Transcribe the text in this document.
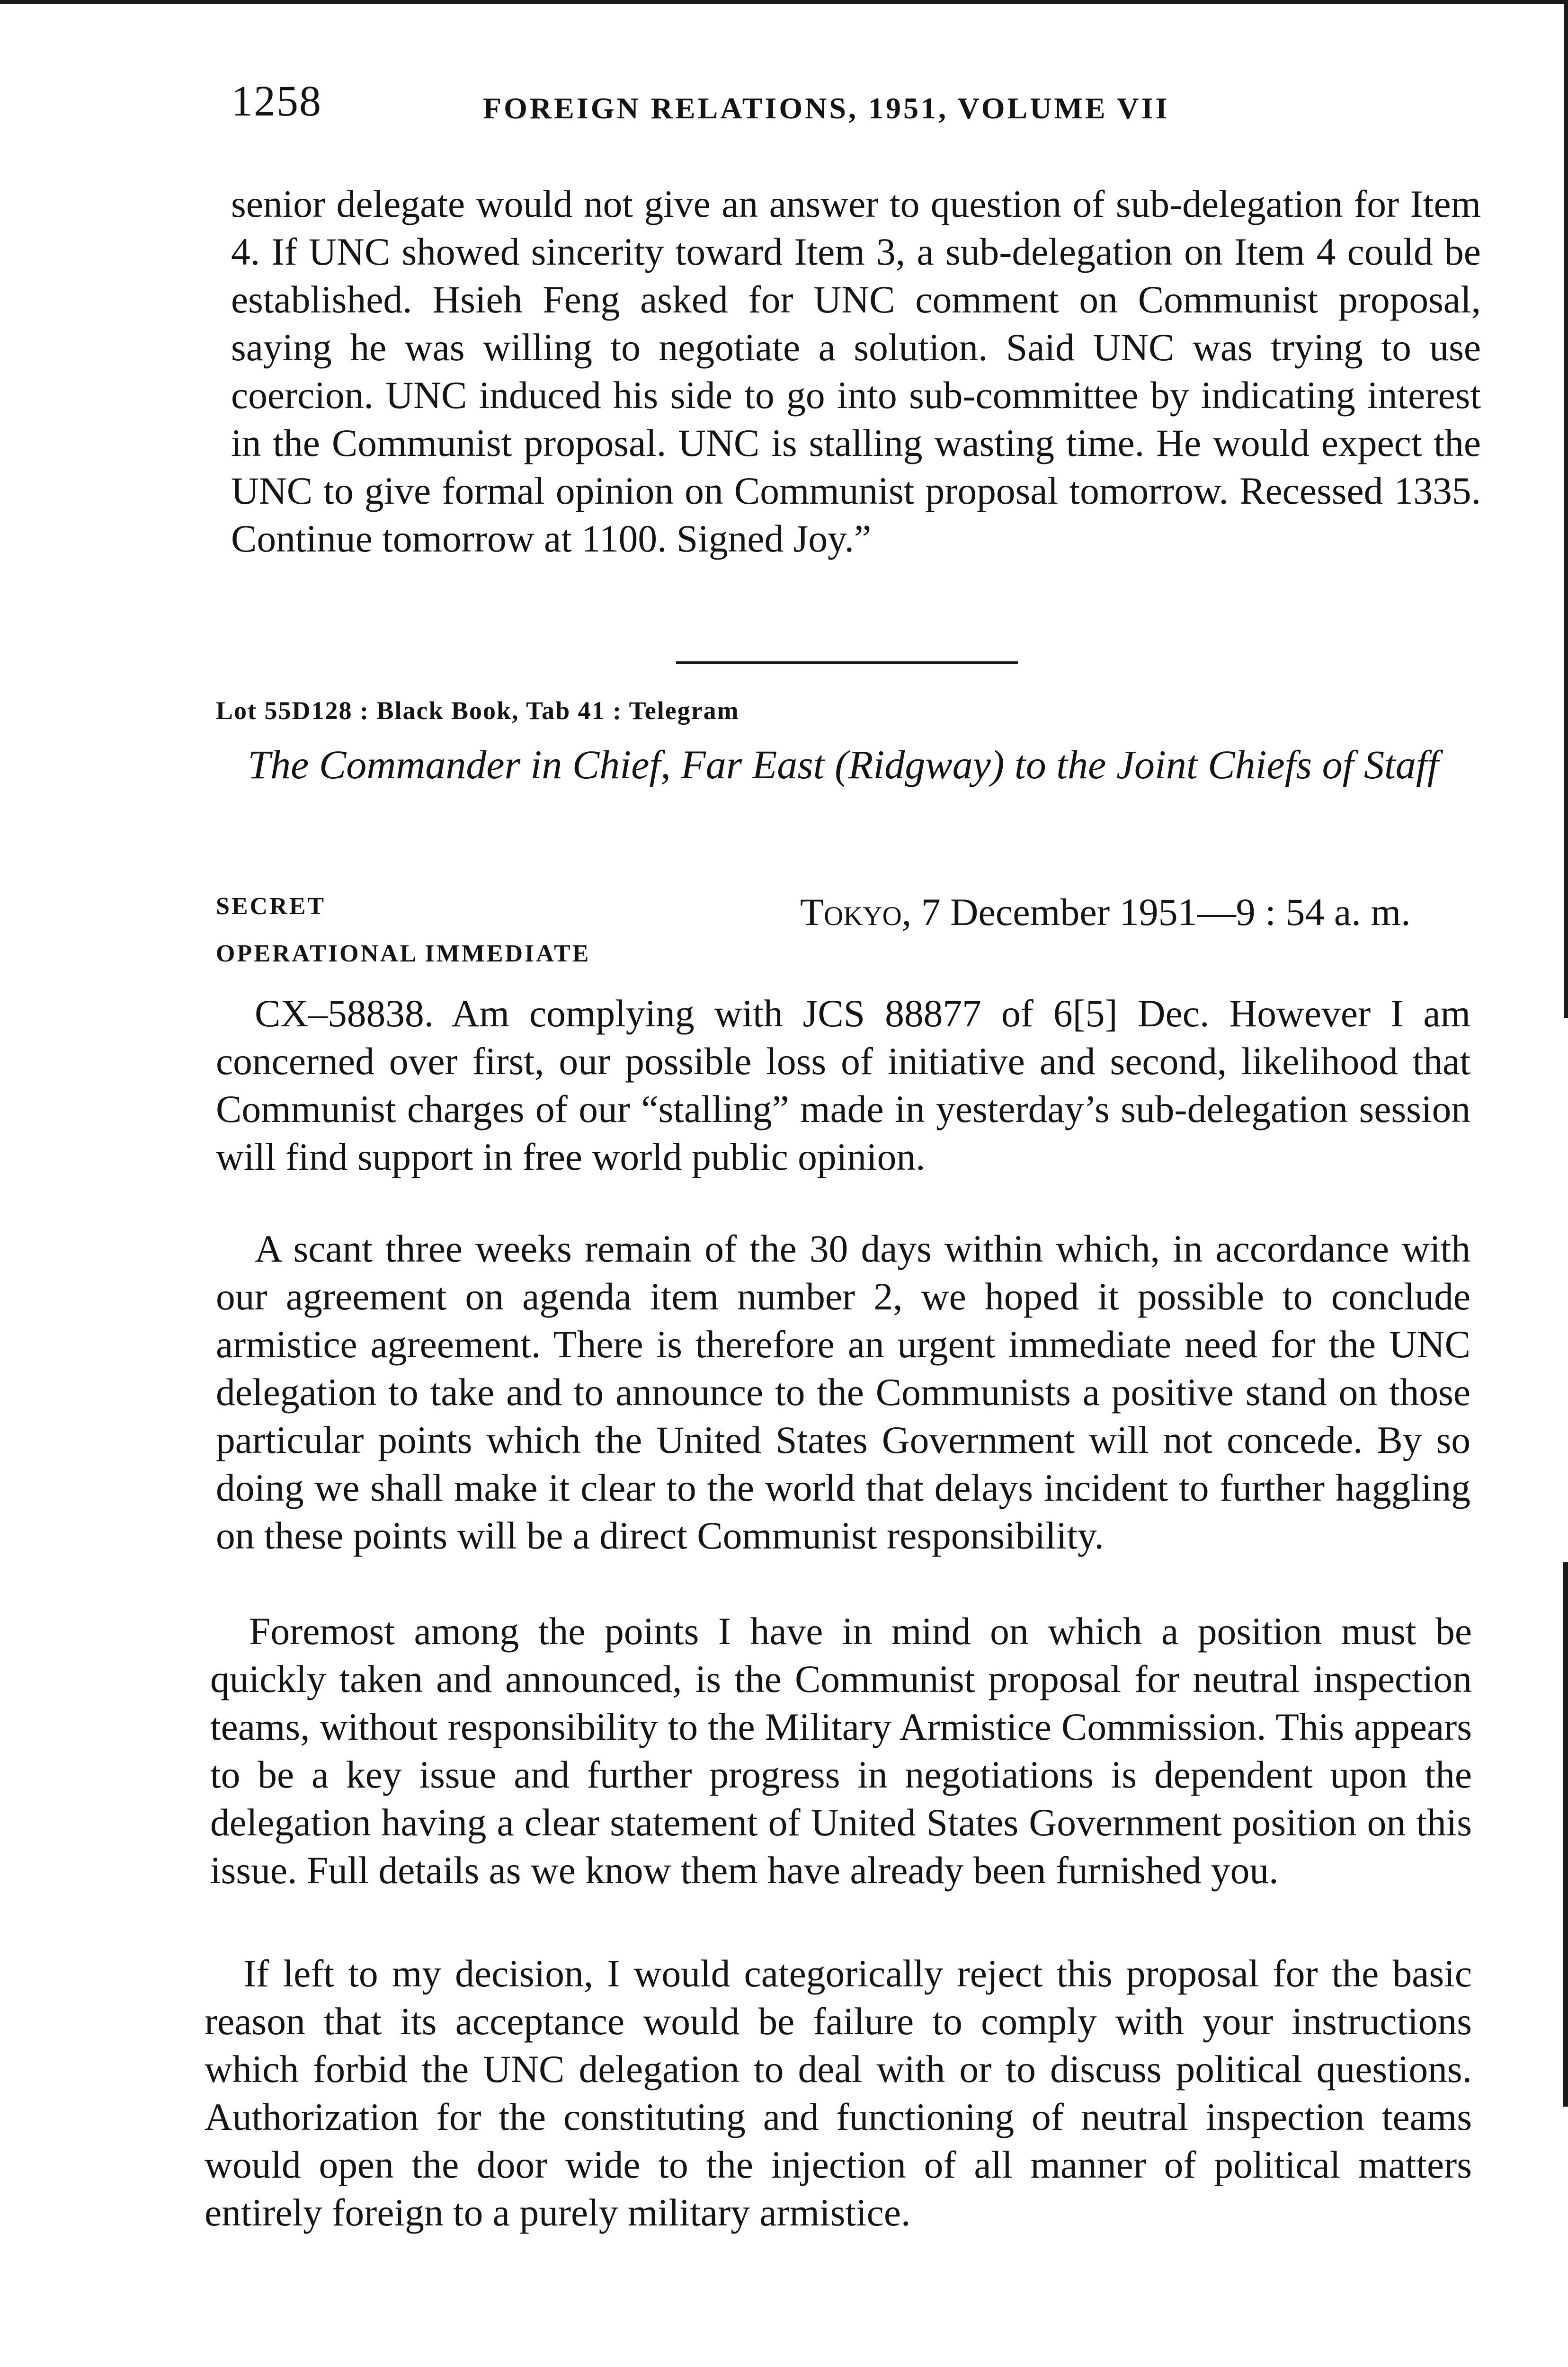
1258	FOREIGN RELATIONS, 1951, VOLUME VII

senior delegate would not give an answer to question of sub-delegation for Item 4. If UNC showed sincerity toward Item 3, a sub-delegation on Item 4 could be established. Hsieh Feng asked for UNC comment on Communist proposal, saying he was willing to negotiate a solution. Said UNC was trying to use coercion. UNC induced his side to go into sub-committee by indicating interest in the Communist proposal. UNC is stalling wasting time. He would expect the UNC to give formal opinion on Communist proposal tomorrow. Recessed 1335. Continue tomorrow at 1100. Signed Joy.”

Lot 55D128 : Black Book, Tab 41 : Telegram
The Commander in Chief, Far East (Ridgway) to the Joint Chiefs of Staff
SECRET
OPERATIONAL IMMEDIATE
Tokyo, 7 December 1951—9 : 54 a. m.

CX–58838. Am complying with JCS 88877 of 6[5] Dec. However I am concerned over first, our possible loss of initiative and second, likelihood that Communist charges of our “stalling” made in yesterday’s sub-delegation session will find support in free world public opinion.

A scant three weeks remain of the 30 days within which, in accordance with our agreement on agenda item number 2, we hoped it possible to conclude armistice agreement. There is therefore an urgent immediate need for the UNC delegation to take and to announce to the Communists a positive stand on those particular points which the United States Government will not concede. By so doing we shall make it clear to the world that delays incident to further haggling on these points will be a direct Communist responsibility.

Foremost among the points I have in mind on which a position must be quickly taken and announced, is the Communist proposal for neutral inspection teams, without responsibility to the Military Armistice Commission. This appears to be a key issue and further progress in negotiations is dependent upon the delegation having a clear statement of United States Government position on this issue. Full details as we know them have already been furnished you.

If left to my decision, I would categorically reject this proposal for the basic reason that its acceptance would be failure to comply with your instructions which forbid the UNC delegation to deal with or to discuss political questions. Authorization for the constituting and functioning of neutral inspection teams would open the door wide to the injection of all manner of political matters entirely foreign to a purely military armistice.
